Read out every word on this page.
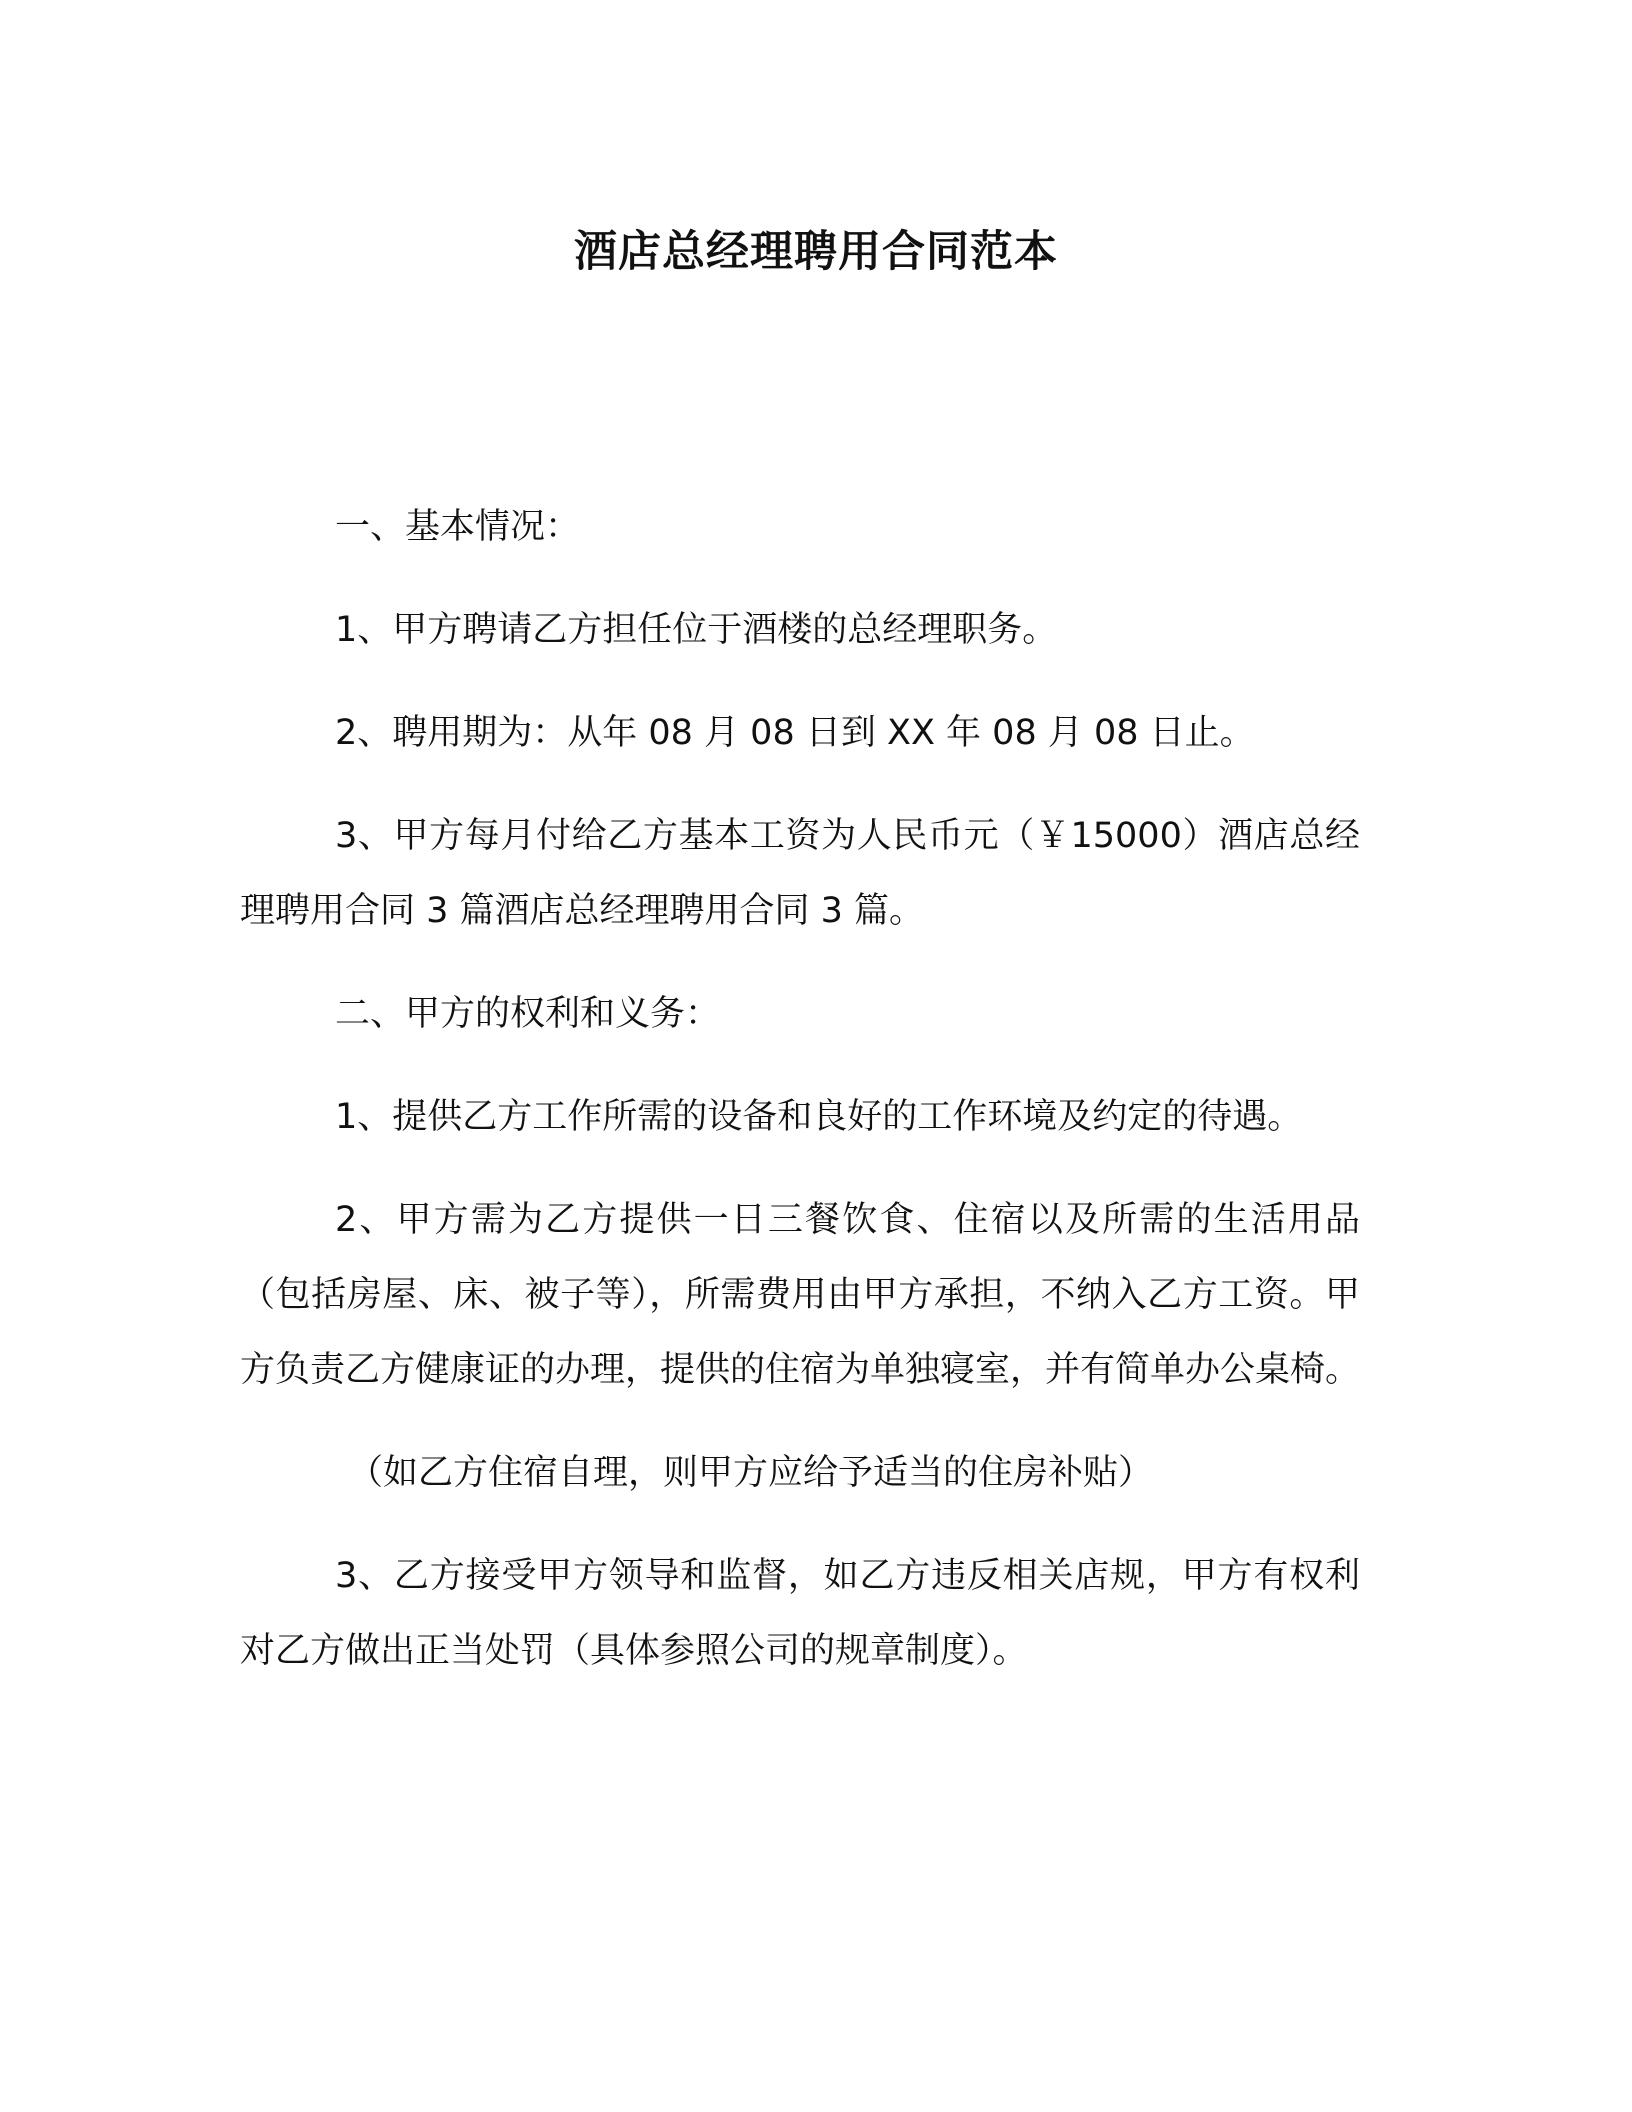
酒店总经理聘用合同范本

一、基本情况：

1、甲方聘请乙方担任位于酒楼的总经理职务。

2、聘用期为：从年 08 月 08 日到 XX 年 08 月 08 日止。

3、甲方每月付给乙方基本工资为人民币元（￥15000）酒店总经理聘用合同 3 篇酒店总经理聘用合同 3 篇。

二、甲方的权利和义务：

1、提供乙方工作所需的设备和良好的工作环境及约定的待遇。

2、甲方需为乙方提供一日三餐饮食、住宿以及所需的生活用品（包括房屋、床、被子等），所需费用由甲方承担，不纳入乙方工资。甲方负责乙方健康证的办理，提供的住宿为单独寝室，并有简单办公桌椅。

（如乙方住宿自理，则甲方应给予适当的住房补贴）

3、乙方接受甲方领导和监督，如乙方违反相关店规，甲方有权利对乙方做出正当处罚（具体参照公司的规章制度）。
